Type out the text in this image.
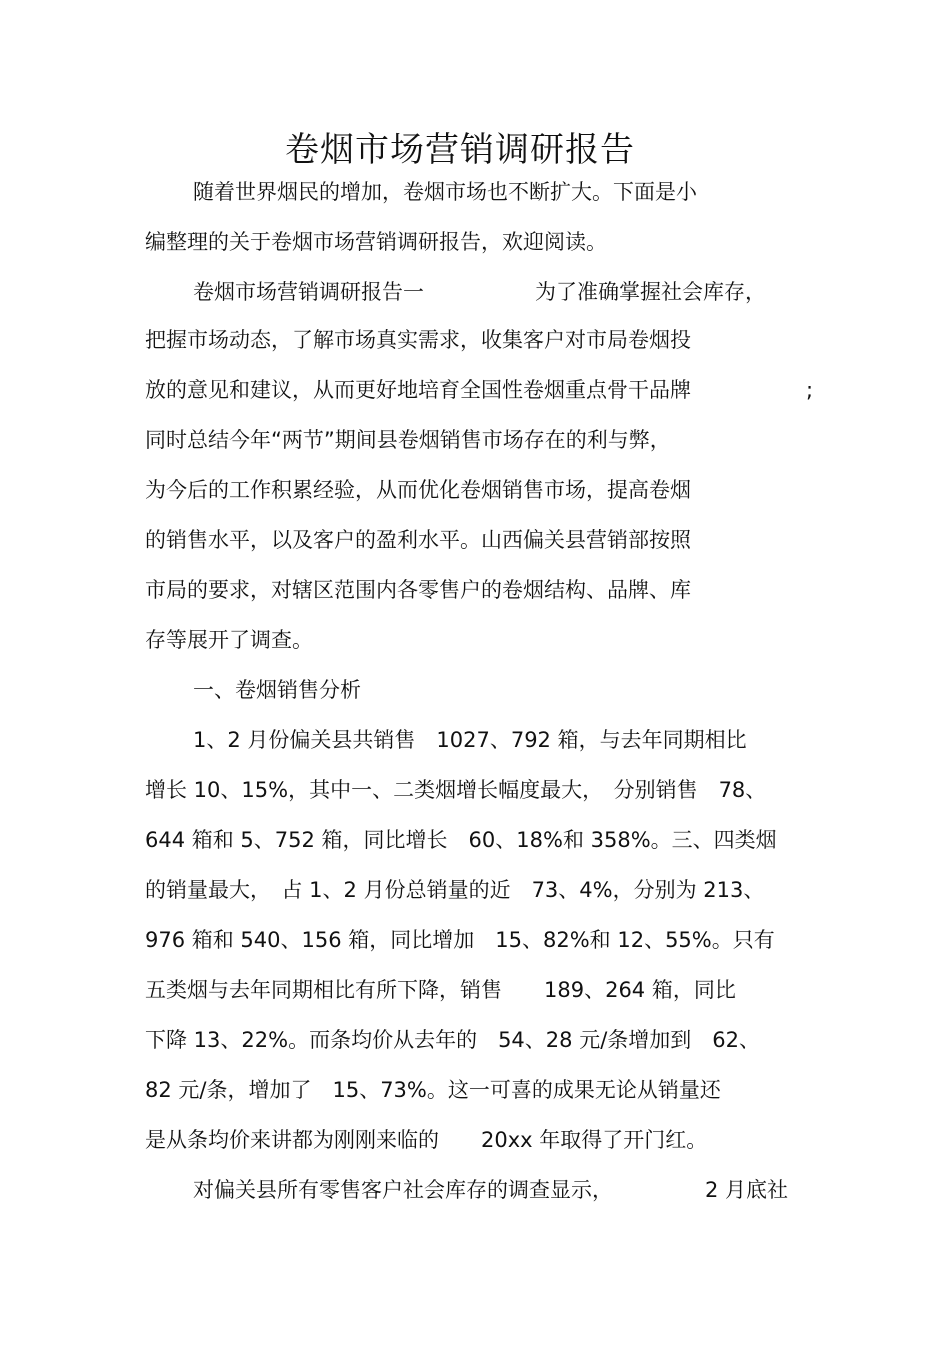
卷烟市场营销调研报告
随着世界烟民的增加，卷烟市场也不断扩大。下面是小
编整理的关于卷烟市场营销调研报告，欢迎阅读。
卷烟市场营销调研报告一	为了准确掌握社会库存，
把握市场动态，了解市场真实需求，收集客户对市局卷烟投
放的意见和建议，从而更好地培育全国性卷烟重点骨干品牌	;
同时总结今年“两节”期间县卷烟销售市场存在的利与弊，
为今后的工作积累经验，从而优化卷烟销售市场，提高卷烟
的销售水平，以及客户的盈利水平。山西偏关县营销部按照
市局的要求，对辖区范围内各零售户的卷烟结构、品牌、库
存等展开了调查。
一、卷烟销售分析
1、2 月份偏关县共销售　1027、792 箱，与去年同期相比
增长 10、15%，其中一、二类烟增长幅度最大，　分别销售　78、
644 箱和 5、752 箱，同比增长　60、18%和 358%。三、四类烟
的销量最大，　占 1、2 月份总销量的近　73、4%，分别为 213、
976 箱和 540、156 箱，同比增加　15、82%和 12、55%。只有
五类烟与去年同期相比有所下降，销售　　189、264 箱，同比
下降 13、22%。而条均价从去年的　54、28 元/条增加到　62、
82 元/条，增加了　15、73%。这一可喜的成果无论从销量还
是从条均价来讲都为刚刚来临的　　20xx 年取得了开门红。
对偏关县所有零售客户社会库存的调查显示，	2 月底社
